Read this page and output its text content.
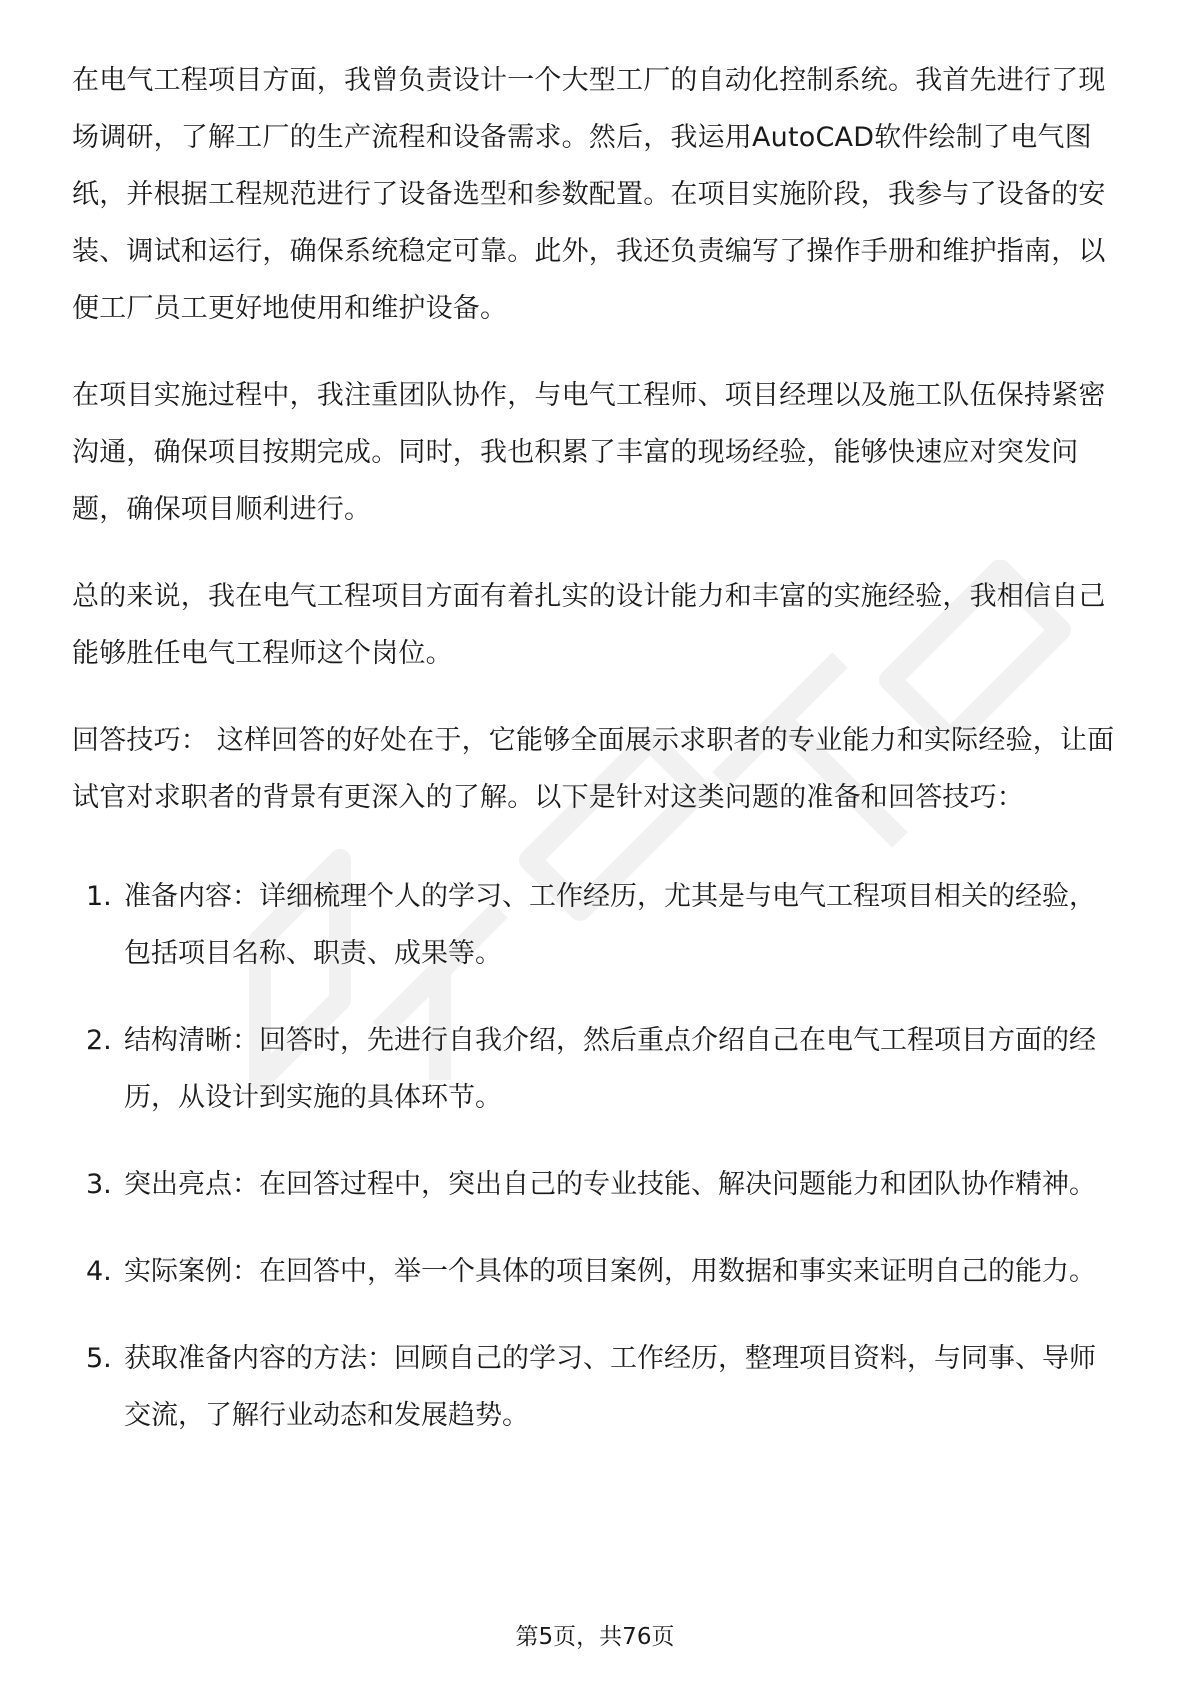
在电气工程项目方面，我曾负责设计一个大型工厂的自动化控制系统。我首先进行了现场调研，了解工厂的生产流程和设备需求。然后，我运用AutoCAD软件绘制了电气图纸，并根据工程规范进行了设备选型和参数配置。在项目实施阶段，我参与了设备的安装、调试和运行，确保系统稳定可靠。此外，我还负责编写了操作手册和维护指南，以便工厂员工更好地使用和维护设备。

在项目实施过程中，我注重团队协作，与电气工程师、项目经理以及施工队伍保持紧密沟通，确保项目按期完成。同时，我也积累了丰富的现场经验，能够快速应对突发问题，确保项目顺利进行。

总的来说，我在电气工程项目方面有着扎实的设计能力和丰富的实施经验，我相信自己能够胜任电气工程师这个岗位。

回答技巧： 这样回答的好处在于，它能够全面展示求职者的专业能力和实际经验，让面试官对求职者的背景有更深入的了解。以下是针对这类问题的准备和回答技巧：

1. 准备内容：详细梳理个人的学习、工作经历，尤其是与电气工程项目相关的经验，包括项目名称、职责、成果等。
2. 结构清晰：回答时，先进行自我介绍，然后重点介绍自己在电气工程项目方面的经历，从设计到实施的具体环节。
3. 突出亮点：在回答过程中，突出自己的专业技能、解决问题能力和团队协作精神。
4. 实际案例：在回答中，举一个具体的项目案例，用数据和事实来证明自己的能力。
5. 获取准备内容的方法：回顾自己的学习、工作经历，整理项目资料，与同事、导师交流，了解行业动态和发展趋势。
第5页，共76页
